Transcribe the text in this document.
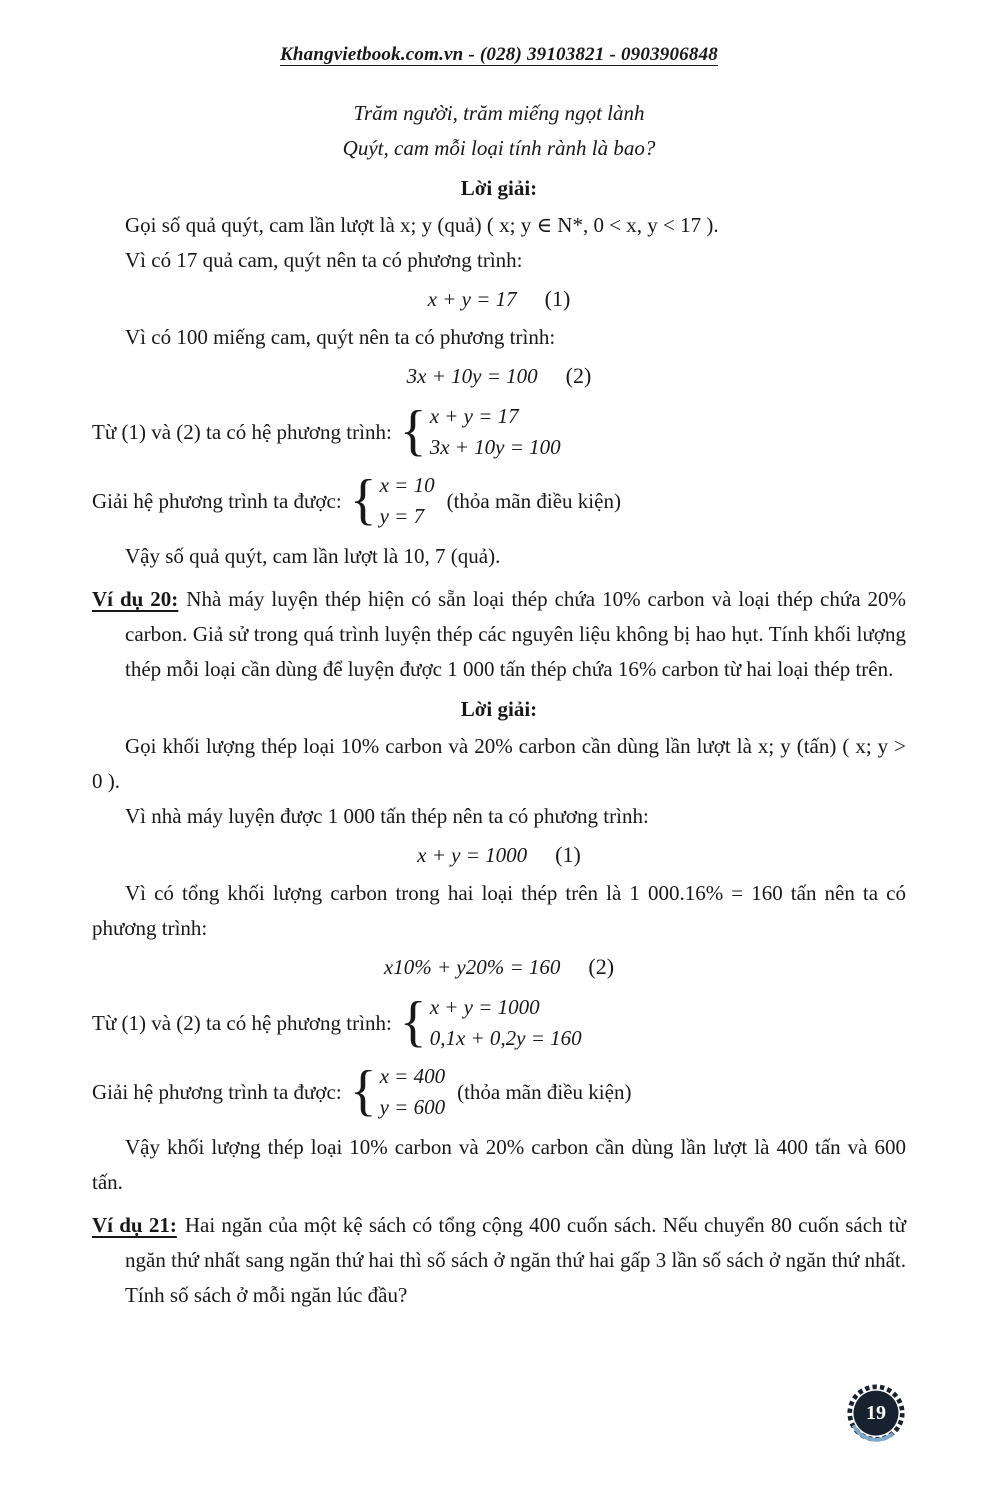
Khangvietbook.com.vn - (028) 39103821 - 0903906848
Trăm người, trăm miếng ngọt lành
Quýt, cam mỗi loại tính rành là bao?
Lời giải:

Gọi số quả quýt, cam lần lượt là x; y (quả) ( x; y ∈ N*, 0 < x, y < 17 ).

Vì có 17 quả cam, quýt nên ta có phương trình:

x + y = 17 (1)

Vì có 100 miếng cam, quýt nên ta có phương trình:

3x + 10y = 100 (2)
Từ (1) và (2) ta có hệ phương trình:
{
x + y = 17
3x + 10y = 100
Giải hệ phương trình ta được:
{
x = 10
y = 7
(thỏa mãn điều kiện)

Vậy số quả quýt, cam lần lượt là 10, 7 (quả).

Ví dụ 20: Nhà máy luyện thép hiện có sẵn loại thép chứa 10% carbon và loại thép chứa 20% carbon. Giả sử trong quá trình luyện thép các nguyên liệu không bị hao hụt. Tính khối lượng thép mỗi loại cần dùng để luyện được 1 000 tấn thép chứa 16% carbon từ hai loại thép trên.

Lời giải:

Gọi khối lượng thép loại 10% carbon và 20% carbon cần dùng lần lượt là x; y (tấn) ( x; y > 0 ).

Vì nhà máy luyện được 1 000 tấn thép nên ta có phương trình:

x + y = 1000 (1)

Vì có tổng khối lượng carbon trong hai loại thép trên là 1 000.16% = 160 tấn nên ta có phương trình:

x10% + y20% = 160 (2)
Từ (1) và (2) ta có hệ phương trình:
{
x + y = 1000
0,1x + 0,2y = 160
Giải hệ phương trình ta được:
{
x = 400
y = 600
(thỏa mãn điều kiện)

Vậy khối lượng thép loại 10% carbon và 20% carbon cần dùng lần lượt là 400 tấn và 600 tấn.

Ví dụ 21: Hai ngăn của một kệ sách có tổng cộng 400 cuốn sách. Nếu chuyển 80 cuốn sách từ ngăn thứ nhất sang ngăn thứ hai thì số sách ở ngăn thứ hai gấp 3 lần số sách ở ngăn thứ nhất. Tính số sách ở mỗi ngăn lúc đầu?

19
